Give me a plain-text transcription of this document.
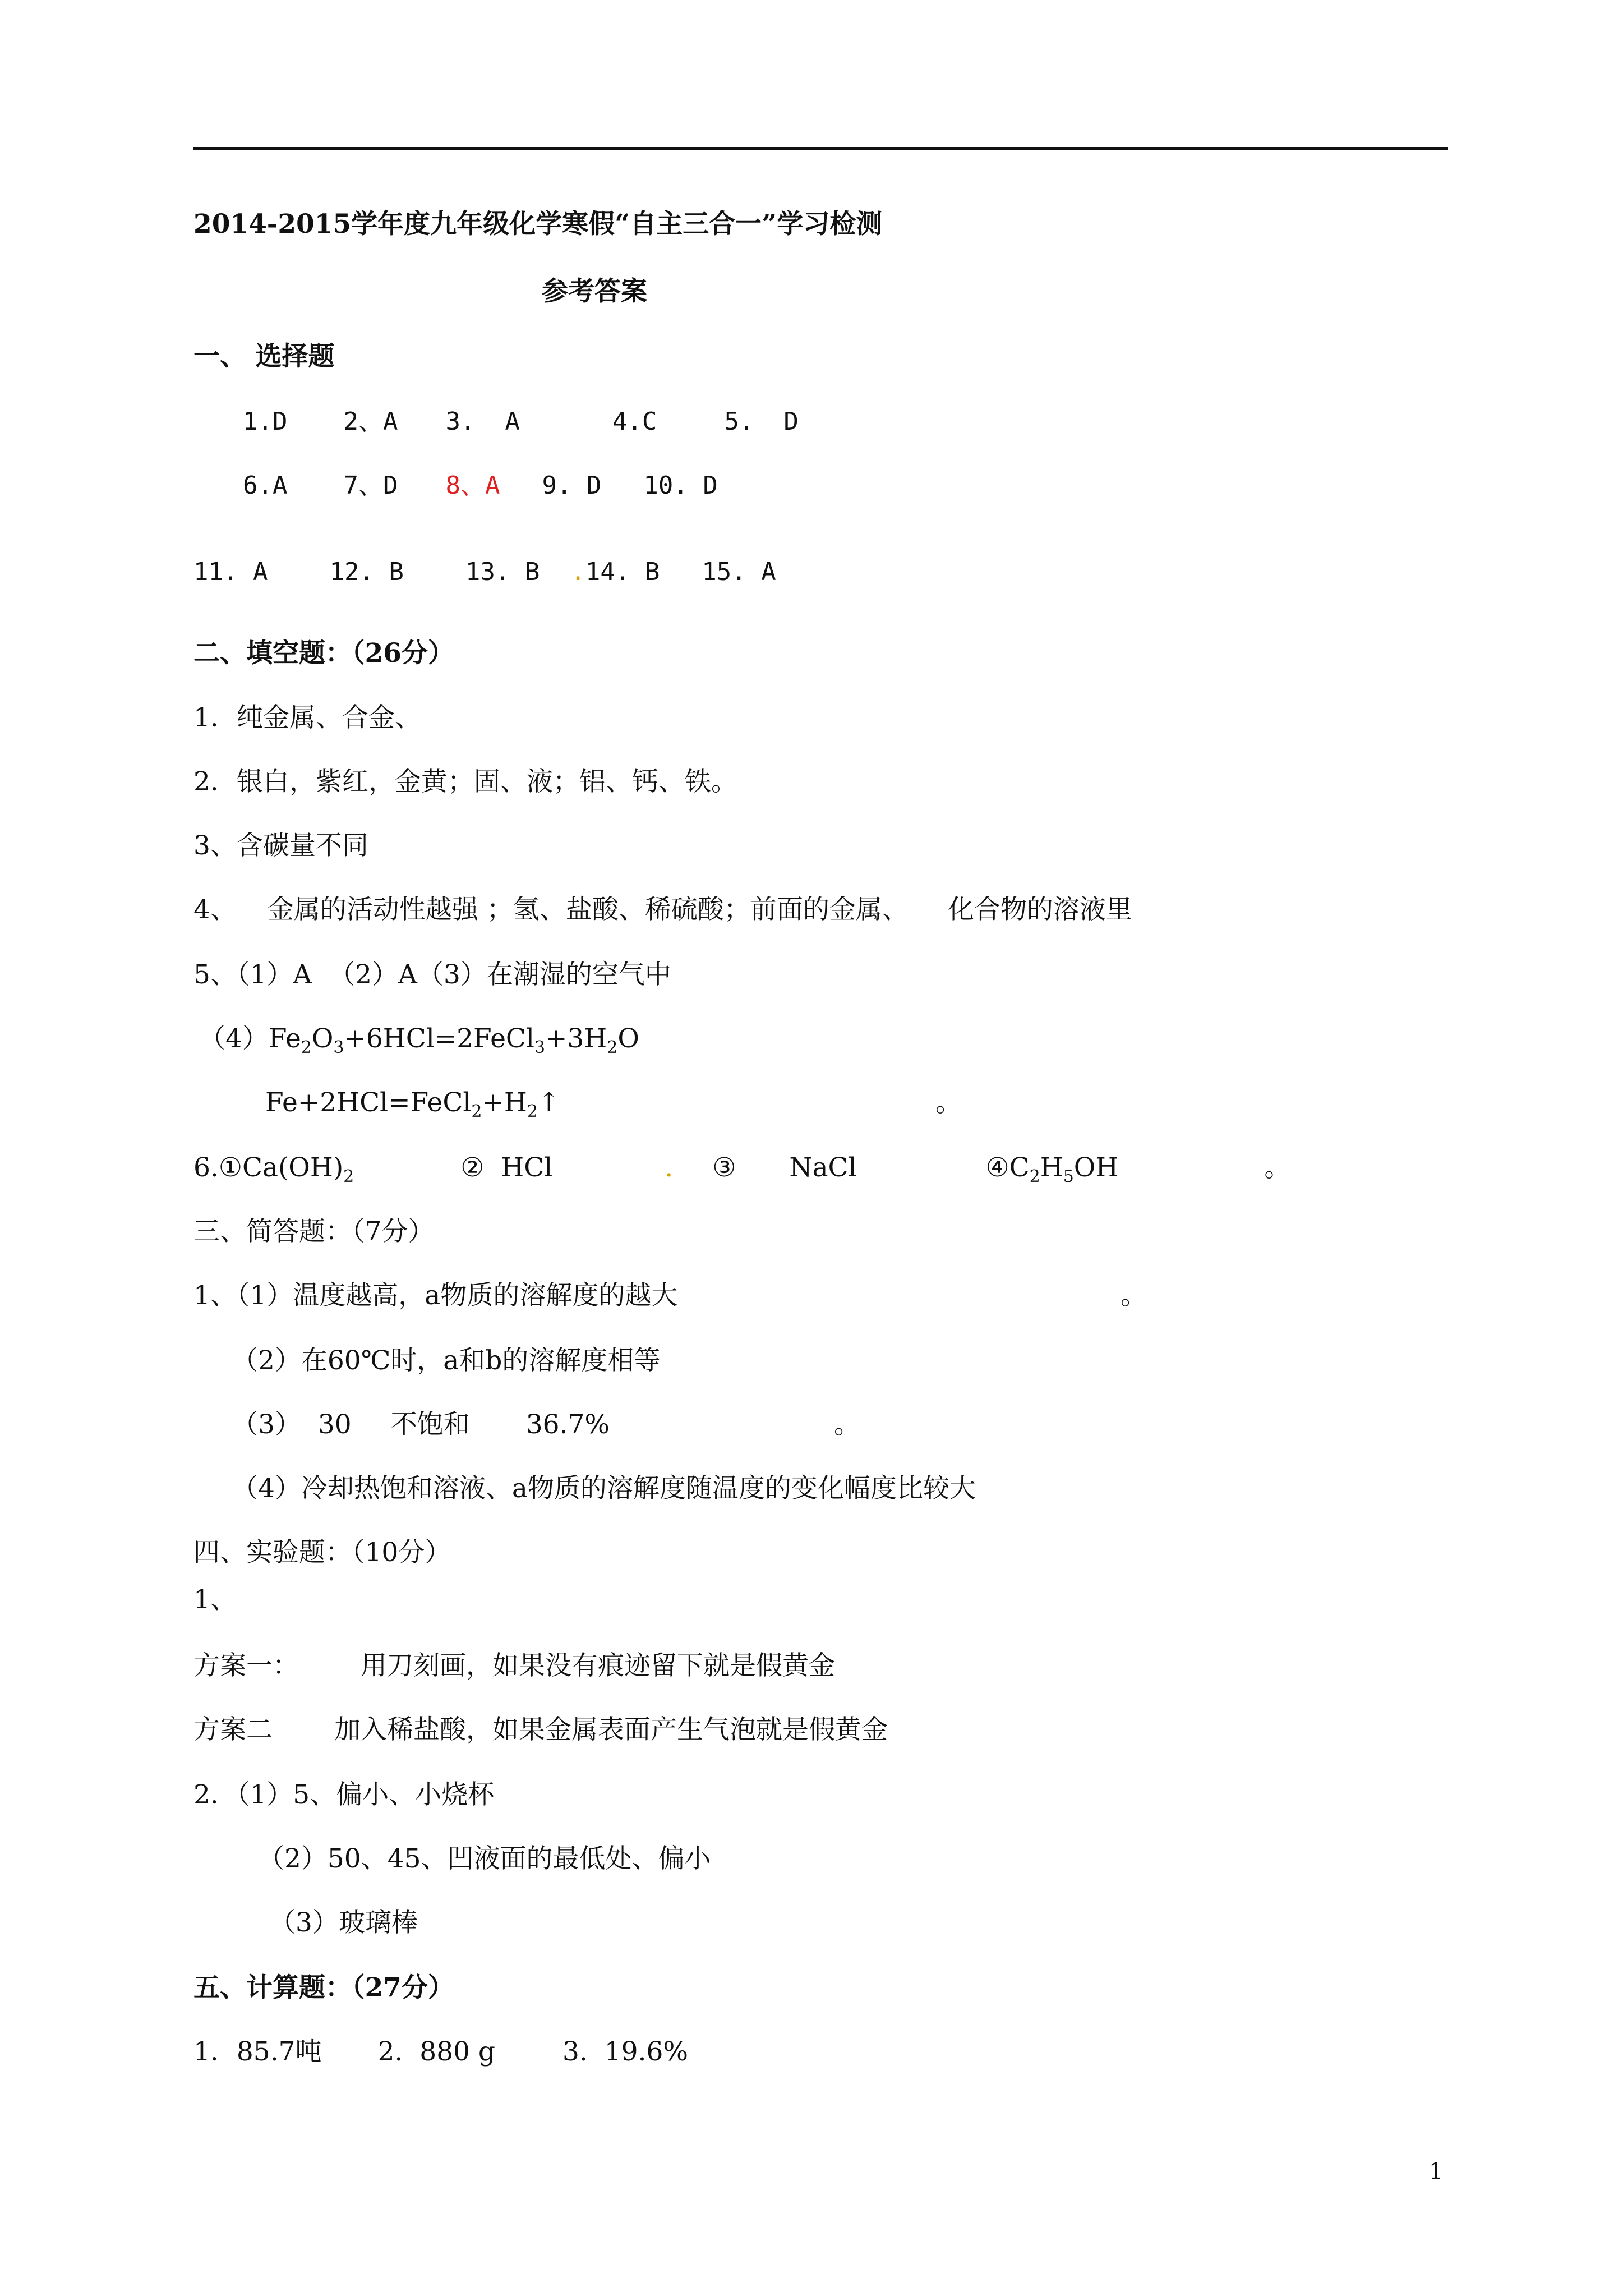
2014-2015学年度九年级化学寒假“自主三合一”学习检测
参考答案
一、 选择题
1.D 2、A 3.  A	4.C	5.  D
6.A 7、D 8、A 9. D 10. D
11. A	12. B	13. B .14. B 15. A
二、填空题：（26分）
1．纯金属、合金、
2．银白，紫红，金黄；固、液；铝、钙、铁。
3、含碳量不同
4、 金属的活动性越强 ；氢、盐酸、稀硫酸；前面的金属、 化合物的溶液里
5、（1）A  （2）A（3）在潮湿的空气中
$(4)Fe_2O_3+6HCl=2FeCl_3+3H_2O$
$Fe+2HCl=FeCl_2+H_2↑$	。
$6.①Ca(OH)_2$	②  HCl	. ③ NaCl	$④C_2H_5OH$	。
三、简答题：（7分）
1、（1）温度越高，a物质的溶解度的越大	。
（2）在60℃时，a和b的溶解度相等
（3） 30 不饱和 36.7%	。
（4）冷却热饱和溶液、a物质的溶解度随温度的变化幅度比较大
四、实验题：（10分）
1、
方案一： 用刀刻画，如果没有痕迹留下就是假黄金
方案二 加入稀盐酸，如果金属表面产生气泡就是假黄金
2．（1）5、偏小、小烧杯
（2）50、45、凹液面的最低处、偏小
（3）玻璃棒
五、计算题：（27分）
1．85.7吨 2.  880 g	3.  19.6%
1
